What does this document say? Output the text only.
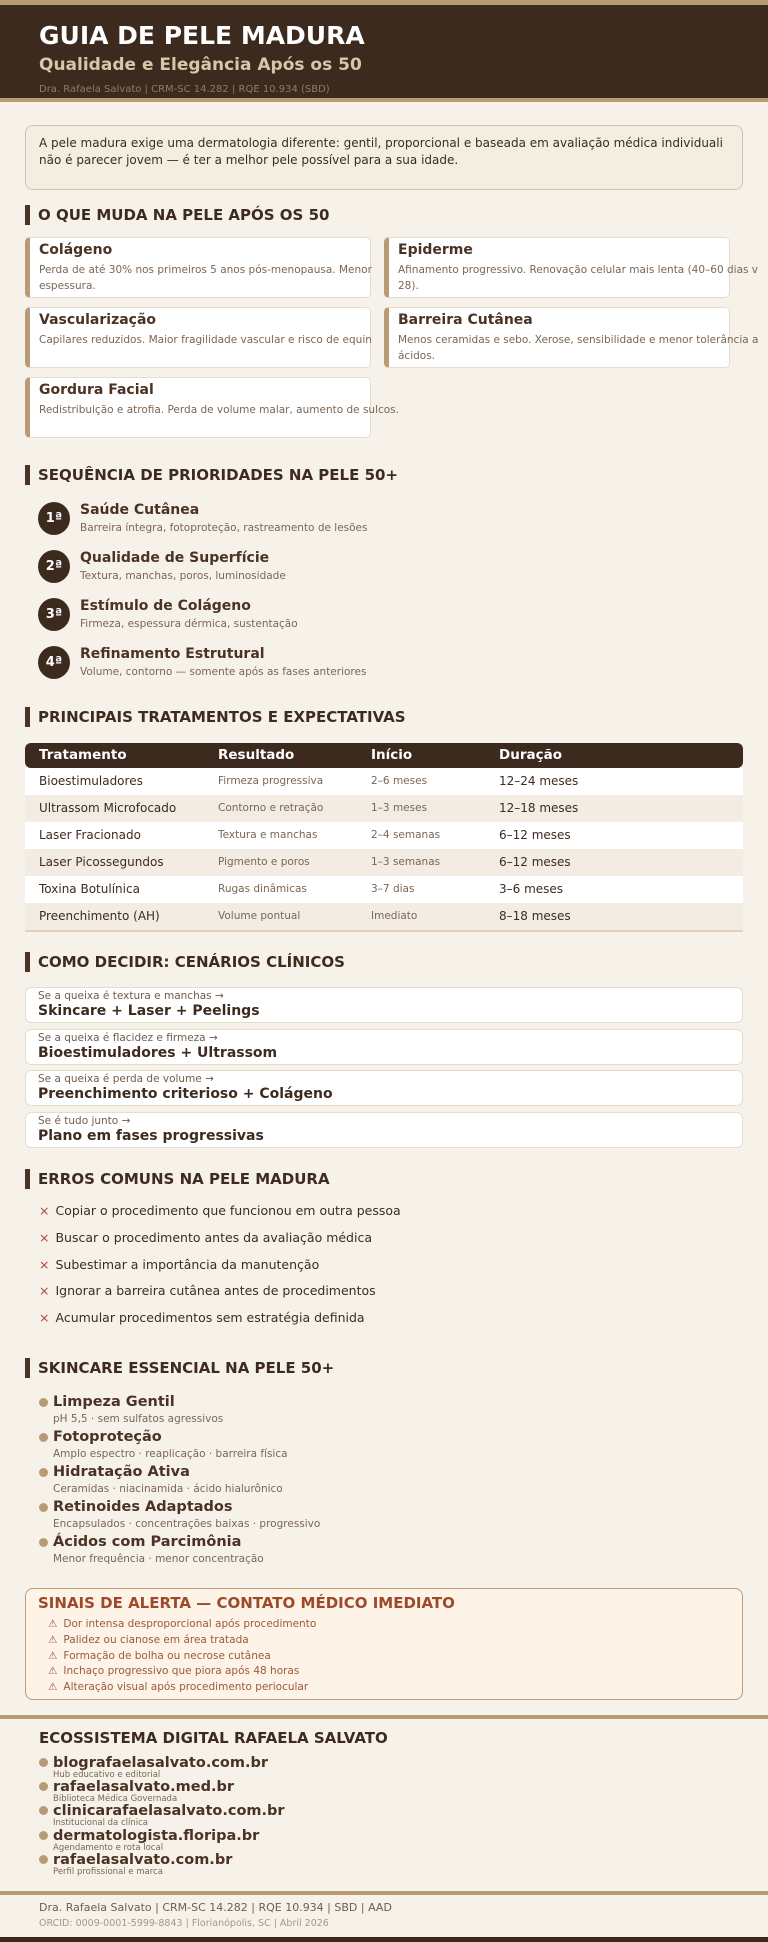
GUIA DE PELE MADURA
Qualidade e Elegância Após os 50
Dra. Rafaela Salvato | CRM-SC 14.282 | RQE 10.934 (SBD)
A pele madura exige uma dermatologia diferente: gentil, proporcional e baseada em avaliação médica individuali
não é parecer jovem — é ter a melhor pele possível para a sua idade.
O QUE MUDA NA PELE APÓS OS 50
SEQUÊNCIA DE PRIORIDADES NA PELE 50+
PRINCIPAIS TRATAMENTOS E EXPECTATIVAS
Tratamento	Resultado	Início	Duração
Bioestimuladores	Firmeza progressiva	2–6 meses	12–24 meses
Ultrassom Microfocado	Contorno e retração	1–3 meses	12–18 meses
Laser Fracionado	Textura e manchas	2–4 semanas	6–12 meses
Laser Picossegundos	Pigmento e poros	1–3 semanas	6–12 meses
Toxina Botulínica	Rugas dinâmicas	3–7 dias	3–6 meses
Preenchimento (AH)	Volume pontual	Imediato	8–18 meses
COMO DECIDIR: CENÁRIOS CLÍNICOS
ERROS COMUNS NA PELE MADURA
SKINCARE ESSENCIAL NA PELE 50+
SINAIS DE ALERTA — CONTATO MÉDICO IMEDIATO
⚠ Dor intensa desproporcional após procedimento
⚠ Palidez ou cianose em área tratada
⚠ Formação de bolha ou necrose cutânea
⚠ Inchaço progressivo que piora após 48 horas
⚠ Alteração visual após procedimento periocular
ECOSSISTEMA DIGITAL RAFAELA SALVATO
Dra. Rafaela Salvato | CRM-SC 14.282 | RQE 10.934 | SBD | AAD
ORCID: 0009-0001-5999-8843 | Florianópolis, SC | Abril 2026
Colágeno
Perda de até 30% nos primeiros 5 anos pós-menopausa. Menor
espessura.
Epiderme
Afinamento progressivo. Renovação celular mais lenta (40–60 dias v
28).
Vascularização
Capilares reduzidos. Maior fragilidade vascular e risco de equin
Barreira Cutânea
Menos ceramidas e sebo. Xerose, sensibilidade e menor tolerância a
ácidos.
Gordura Facial
Redistribuição e atrofia. Perda de volume malar, aumento de sulcos.
1ª
Saúde Cutânea
Barreira íntegra, fotoproteção, rastreamento de lesões
2ª
Qualidade de Superfície
Textura, manchas, poros, luminosidade
3ª
Estímulo de Colágeno
Firmeza, espessura dérmica, sustentação
4ª
Refinamento Estrutural
Volume, contorno — somente após as fases anteriores
Se a queixa é textura e manchas →
Skincare + Laser + Peelings
Se a queixa é flacidez e firmeza →
Bioestimuladores + Ultrassom
Se a queixa é perda de volume →
Preenchimento criterioso + Colágeno
Se é tudo junto →
Plano em fases progressivas
× Copiar o procedimento que funcionou em outra pessoa
× Buscar o procedimento antes da avaliação médica
× Subestimar a importância da manutenção
× Ignorar a barreira cutânea antes de procedimentos
× Acumular procedimentos sem estratégia definida
Limpeza Gentil
pH 5,5 · sem sulfatos agressivos
Fotoproteção
Amplo espectro · reaplicação · barreira física
Hidratação Ativa
Ceramidas · niacinamida · ácido hialurônico
Retinoides Adaptados
Encapsulados · concentrações baixas · progressivo
Ácidos com Parcimônia
Menor frequência · menor concentração
blografaelasalvato.com.br
Hub educativo e editorial
rafaelasalvato.med.br
Biblioteca Médica Governada
clinicarafaelasalvato.com.br
Institucional da clínica
dermatologista.floripa.br
Agendamento e rota local
rafaelasalvato.com.br
Perfil profissional e marca
